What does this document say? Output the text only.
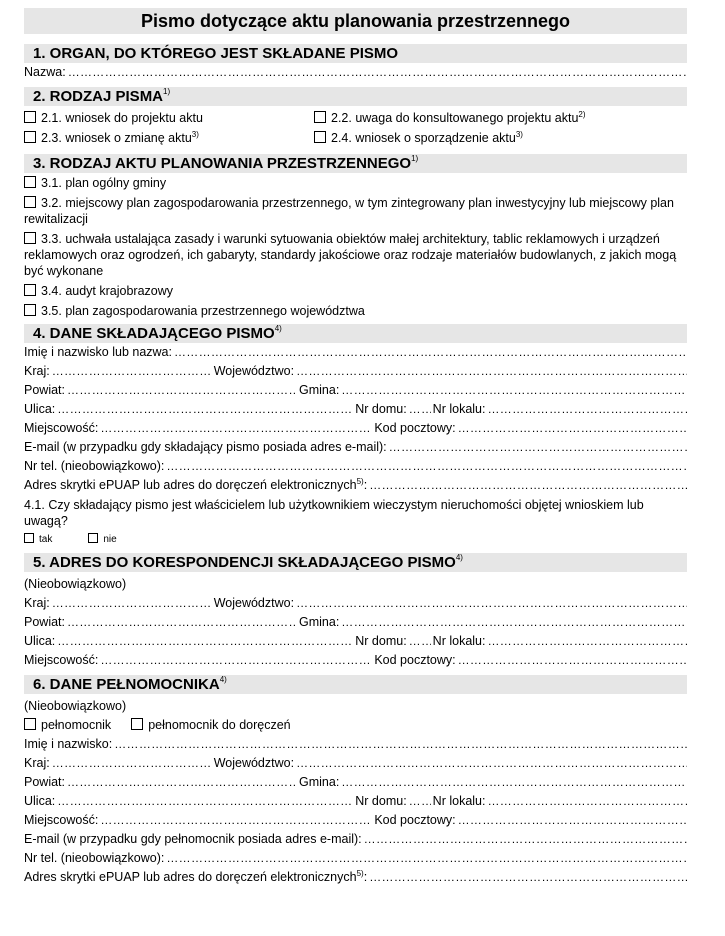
Pismo dotyczące aktu planowania przestrzennego
1. ORGAN, DO KTÓREGO JEST SKŁADANE PISMO
Nazwa:
…………………………………………………………………………………………………………………………………………………………………………………………
2. RODZAJ PISMA$^{1)}$
2.1. wniosek do projektu aktu	2.2. uwaga do konsultowanego projektu aktu$^{2)}$
2.3. wniosek o zmianę aktu$^{3)}$	2.4. wniosek o sporządzenie aktu$^{3)}$
3. RODZAJ AKTU PLANOWANIA PRZESTRZENNEGO$^{1)}$
3.1. plan ogólny gminy
3.2. miejscowy plan zagospodarowania przestrzennego, w tym zintegrowany plan inwestycyjny lub miejscowy plan rewitalizacji
3.3. uchwała ustalająca zasady i warunki sytuowania obiektów małej architektury, tablic reklamowych i urządzeń reklamowych oraz ogrodzeń, ich gabaryty, standardy jakościowe oraz rodzaje materiałów budowlanych, z jakich mogą być wykonane
3.4. audyt krajobrazowy
3.5. plan zagospodarowania przestrzennego województwa
4. DANE SKŁADAJĄCEGO PISMO$^{4)}$
Imię i nazwisko lub nazwa:
…………………………………………………………………………………………………………………………………………………………………………………………
Kraj: …………………………………………………………………………………………………………………………………………………………………………………………	Województwo:
…………………………………………………………………………………………………………………………………………………………………………………………
Powiat: …………………………………………………………………………………………………………………………………………………………………………………………	Gmina:
…………………………………………………………………………………………………………………………………………………………………………………………
Ulica: …………………………………………………………………………………………………………………………………………………………………………………………	Nr domu: ………………………………………………………………………………………………………………………………………………………………………………………… Nr lokalu:
…………………………………………………………………………………………………………………………………………………………………………………………
Miejscowość: …………………………………………………………………………………………………………………………………………………………………………………………	Kod pocztowy:
…………………………………………………………………………………………………………………………………………………………………………………………
E-mail (w przypadku gdy składający pismo posiada adres e-mail):
…………………………………………………………………………………………………………………………………………………………………………………………
Nr tel. (nieobowiązkowo):
…………………………………………………………………………………………………………………………………………………………………………………………
Adres skrytki ePUAP lub adres do doręczeń elektronicznych$^{5)}$:
…………………………………………………………………………………………………………………………………………………………………………………………
4.1. Czy składający pismo jest właścicielem lub użytkownikiem wieczystym nieruchomości objętej wnioskiem lub uwagą?
tak	nie
5. ADRES DO KORESPONDENCJI SKŁADAJĄCEGO PISMO$^{4)}$
(Nieobowiązkowo)
Kraj: …………………………………………………………………………………………………………………………………………………………………………………………	Województwo:
…………………………………………………………………………………………………………………………………………………………………………………………
Powiat: …………………………………………………………………………………………………………………………………………………………………………………………	Gmina:
…………………………………………………………………………………………………………………………………………………………………………………………
Ulica: …………………………………………………………………………………………………………………………………………………………………………………………	Nr domu: ………………………………………………………………………………………………………………………………………………………………………………………… Nr lokalu:
…………………………………………………………………………………………………………………………………………………………………………………………
Miejscowość: …………………………………………………………………………………………………………………………………………………………………………………………	Kod pocztowy:
…………………………………………………………………………………………………………………………………………………………………………………………
6. DANE PEŁNOMOCNIKA$^{4)}$
(Nieobowiązkowo)
pełnomocnik	pełnomocnik do doręczeń
Imię i nazwisko:
…………………………………………………………………………………………………………………………………………………………………………………………
Kraj: …………………………………………………………………………………………………………………………………………………………………………………………	Województwo:
…………………………………………………………………………………………………………………………………………………………………………………………
Powiat: …………………………………………………………………………………………………………………………………………………………………………………………	Gmina:
…………………………………………………………………………………………………………………………………………………………………………………………
Ulica: …………………………………………………………………………………………………………………………………………………………………………………………	Nr domu: ………………………………………………………………………………………………………………………………………………………………………………………… Nr lokalu:
…………………………………………………………………………………………………………………………………………………………………………………………
Miejscowość: …………………………………………………………………………………………………………………………………………………………………………………………	Kod pocztowy:
…………………………………………………………………………………………………………………………………………………………………………………………
E-mail (w przypadku gdy pełnomocnik posiada adres e-mail):
…………………………………………………………………………………………………………………………………………………………………………………………
Nr tel. (nieobowiązkowo):
…………………………………………………………………………………………………………………………………………………………………………………………
Adres skrytki ePUAP lub adres do doręczeń elektronicznych$^{5)}$:
…………………………………………………………………………………………………………………………………………………………………………………………
